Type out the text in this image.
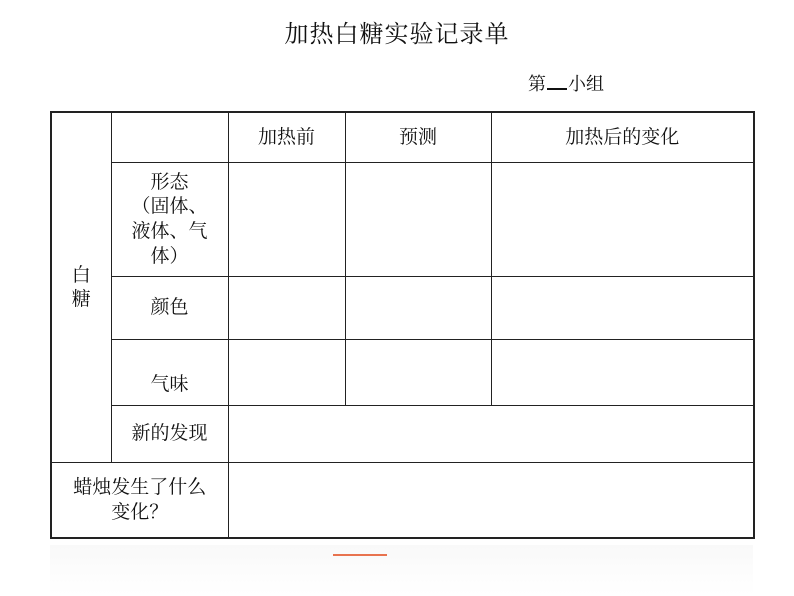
加热白糖实验记录单
第 小组
白糖		加热前	预测	加热后的变化

	形态
（固体、
液体、气
体）			

	颜色			
	气味			
	新的发现			

蜡烛发生了什么
变化？				
